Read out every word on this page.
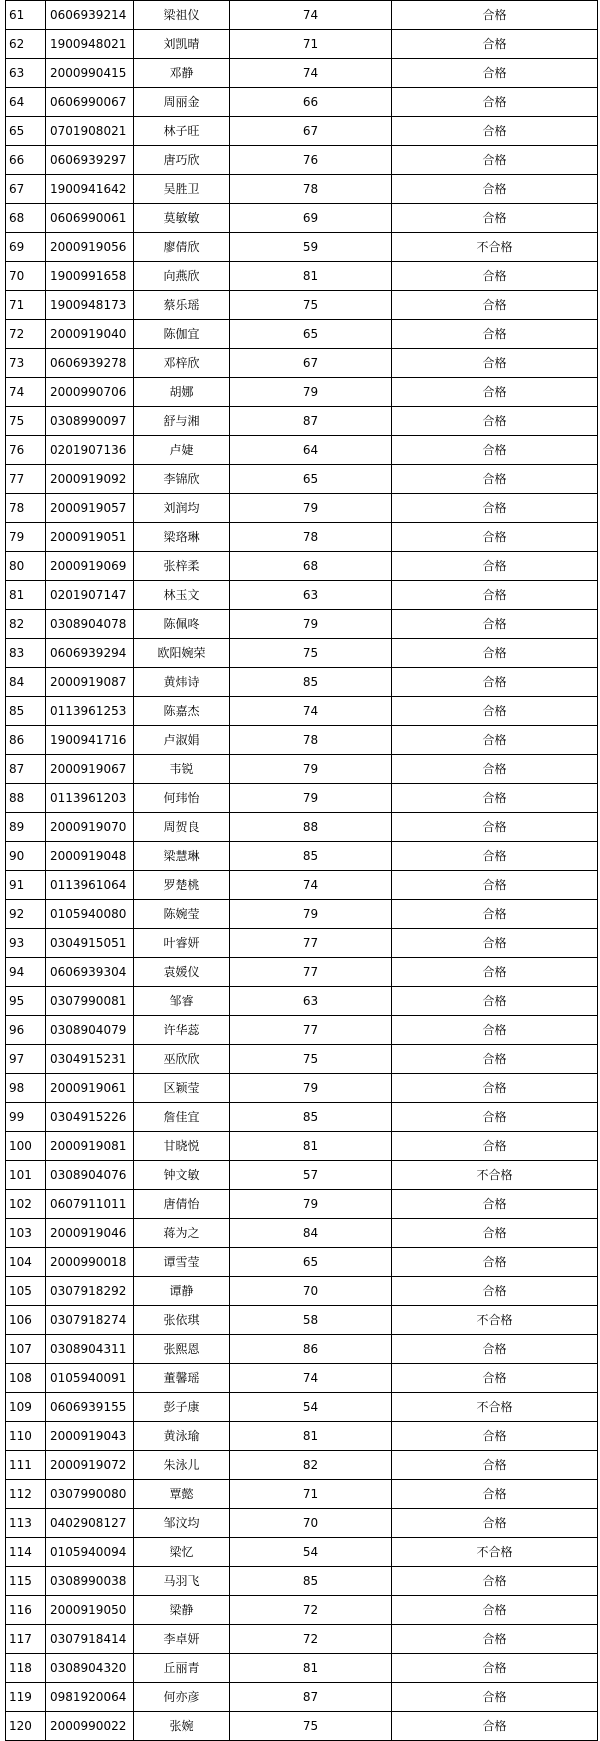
61	0606939214	梁祖仪	74	合格
62	1900948021	刘凯晴	71	合格
63	2000990415	邓静	74	合格
64	0606990067	周丽金	66	合格
65	0701908021	林子旺	67	合格
66	0606939297	唐巧欣	76	合格
67	1900941642	吴胜卫	78	合格
68	0606990061	莫敏敏	69	合格
69	2000919056	廖倩欣	59	不合格
70	1900991658	向燕欣	81	合格
71	1900948173	蔡乐瑶	75	合格
72	2000919040	陈伽宜	65	合格
73	0606939278	邓梓欣	67	合格
74	2000990706	胡娜	79	合格
75	0308990097	舒与湘	87	合格
76	0201907136	卢婕	64	合格
77	2000919092	李锦欣	65	合格
78	2000919057	刘润均	79	合格
79	2000919051	梁珞琳	78	合格
80	2000919069	张梓柔	68	合格
81	0201907147	林玉文	63	合格
82	0308904078	陈佩咚	79	合格
83	0606939294	欧阳婉荣	75	合格
84	2000919087	黄炜诗	85	合格
85	0113961253	陈嘉杰	74	合格
86	1900941716	卢淑娟	78	合格
87	2000919067	韦锐	79	合格
88	0113961203	何玮怡	79	合格
89	2000919070	周贺良	88	合格
90	2000919048	梁慧琳	85	合格
91	0113961064	罗楚桃	74	合格
92	0105940080	陈婉莹	79	合格
93	0304915051	叶睿妍	77	合格
94	0606939304	袁媛仪	77	合格
95	0307990081	邹睿	63	合格
96	0308904079	许华蕊	77	合格
97	0304915231	巫欣欣	75	合格
98	2000919061	区颖莹	79	合格
99	0304915226	詹佳宜	85	合格
100	2000919081	甘晓悦	81	合格
101	0308904076	钟文敏	57	不合格
102	0607911011	唐倩怡	79	合格
103	2000919046	蒋为之	84	合格
104	2000990018	谭雪莹	65	合格
105	0307918292	谭静	70	合格
106	0307918274	张依琪	58	不合格
107	0308904311	张熙恩	86	合格
108	0105940091	董馨瑶	74	合格
109	0606939155	彭子康	54	不合格
110	2000919043	黄泳瑜	81	合格
111	2000919072	朱泳儿	82	合格
112	0307990080	覃懿	71	合格
113	0402908127	邹汶均	70	合格
114	0105940094	梁忆	54	不合格
115	0308990038	马羽飞	85	合格
116	2000919050	梁静	72	合格
117	0307918414	李卓妍	72	合格
118	0308904320	丘丽青	81	合格
119	0981920064	何亦彦	87	合格
120	2000990022	张婉	75	合格
